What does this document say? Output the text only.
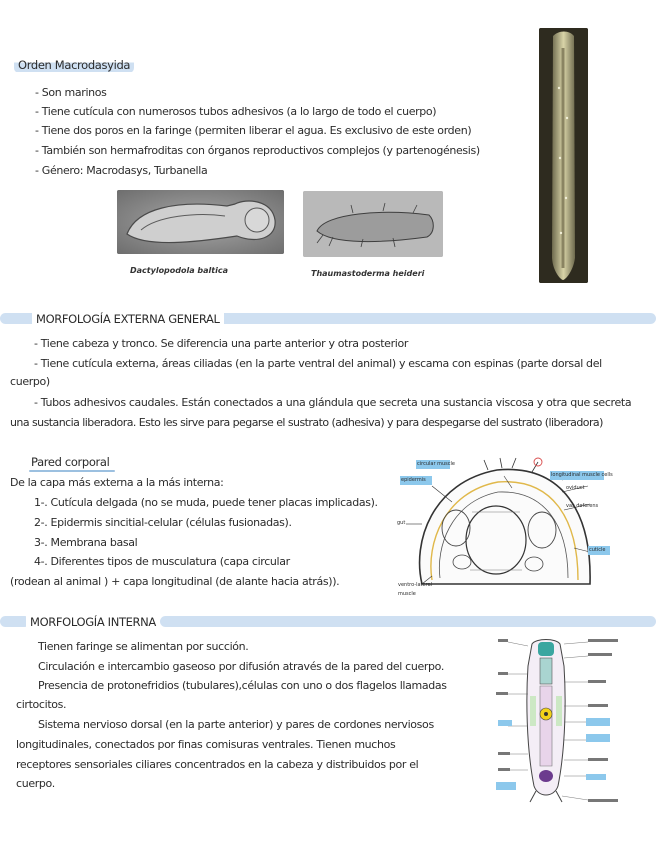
Orden Macrodasyida
- Son marinos
- Tiene cutícula con numerosos tubos adhesivos (a lo largo de todo el cuerpo)
- Tiene dos poros en la faringe (permiten liberar el agua. Es exclusivo de este orden)
- También son hermafroditas con órganos reproductivos complejos (y partenogénesis)
- Género: Macrodasys, Turbanella
Dactylopodola baltica	Thaumastoderma heideri
MORFOLOGÍA EXTERNA GENERAL
- Tiene cabeza y tronco. Se diferencia una parte anterior y otra posterior
- Tiene cutícula externa, áreas ciliadas (en la parte ventral del animal) y escama con espinas (parte dorsal del
cuerpo)
- Tubos adhesivos caudales. Están conectados a una glándula que secreta una sustancia viscosa y otra que secreta
una sustancia liberadora. Esto les sirve para pegarse el sustrato (adhesiva) y para despegarse del sustrato (liberadora)
Pared corporal
De la capa más externa a la más interna:
1-. Cutícula delgada (no se muda, puede tener placas implicadas).
2-. Epidermis sincitial-celular (células fusionadas).
3-. Membrana basal
4-. Diferentes tipos de musculatura (capa circular
(rodean al animal ) + capa longitudinal (de alante hacia atrás)).
circular muscle
epidermis
longitudinal muscle cells
oviduct
vas deferens
gut
cuticle
ventro-lateral muscle
MORFOLOGÍA INTERNA
Tienen faringe se alimentan por succión.
Circulación e intercambio gaseoso por difusión através de la pared del cuerpo.
Presencia de protonefridios (tubulares),células con uno o dos flagelos llamadas
cirtocitos.
Sistema nervioso dorsal (en la parte anterior) y pares de cordones nerviosos
longitudinales, conectados por finas comisuras ventrales. Tienen muchos
receptores sensoriales ciliares concentrados en la cabeza y distribuidos por el
cuerpo.
